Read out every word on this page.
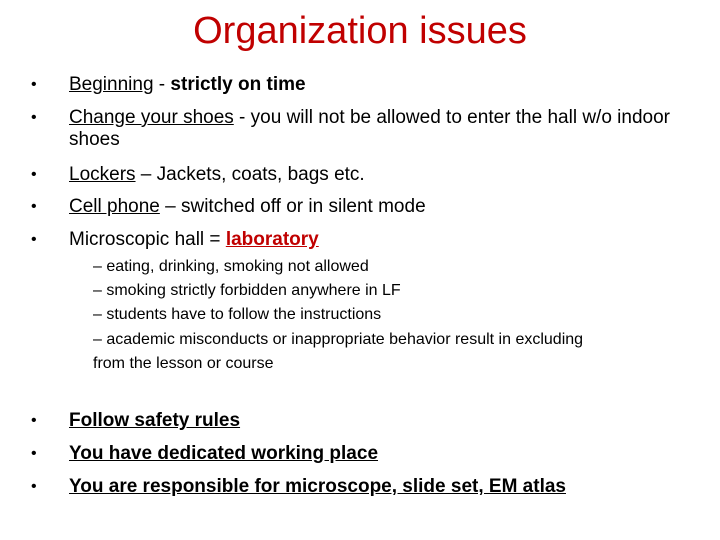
Organization issues
• Beginning - strictly on time
• Change your shoes - you will not be allowed to enter the hall w/o indoor shoes
• Lockers – Jackets, coats, bags etc.
• Cell phone – switched off or in silent mode
• Microscopic hall = laboratory
– eating, drinking, smoking not allowed
– smoking strictly forbidden anywhere in LF
– students have to follow the instructions
– academic misconducts or inappropriate behavior result in excluding
from the lesson or course
• Follow safety rules
• You have dedicated working place
• You are responsible for microscope, slide set, EM atlas
